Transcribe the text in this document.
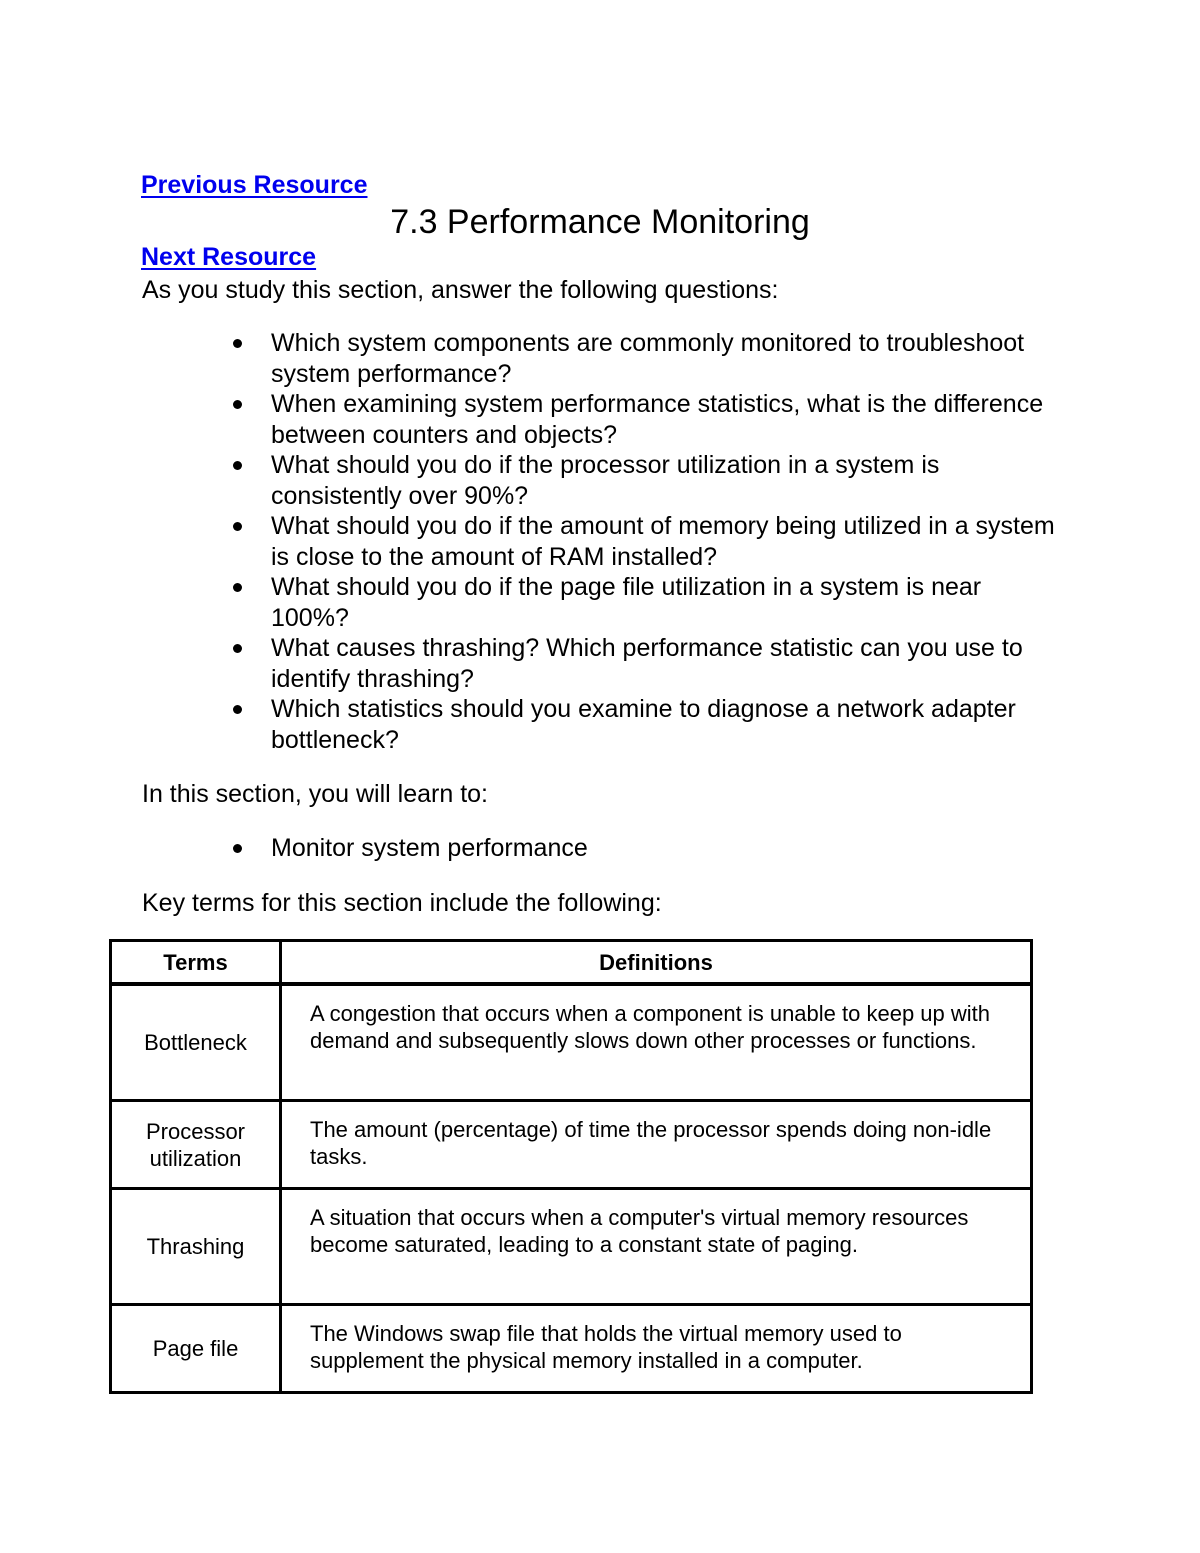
Previous Resource
7.3 Performance Monitoring
Next Resource
As you study this section, answer the following questions:
Which system components are commonly monitored to troubleshoot system performance?
When examining system performance statistics, what is the difference between counters and objects?
What should you do if the processor utilization in a system is consistently over 90%?
What should you do if the amount of memory being utilized in a system is close to the amount of RAM installed?
What should you do if the page file utilization in a system is near 100%?
What causes thrashing? Which performance statistic can you use to identify thrashing?
Which statistics should you examine to diagnose a network adapter bottleneck?
In this section, you will learn to:
Monitor system performance
Key terms for this section include the following:
Terms	Definitions
Bottleneck	A congestion that occurs when a component is unable to keep up with demand and subsequently slows down other processes or functions.
Processor utilization	The amount (percentage) of time the processor spends doing non-idle tasks.
Thrashing	A situation that occurs when a computer's virtual memory resources become saturated, leading to a constant state of paging.
Page file	The Windows swap file that holds the virtual memory used to supplement the physical memory installed in a computer.
